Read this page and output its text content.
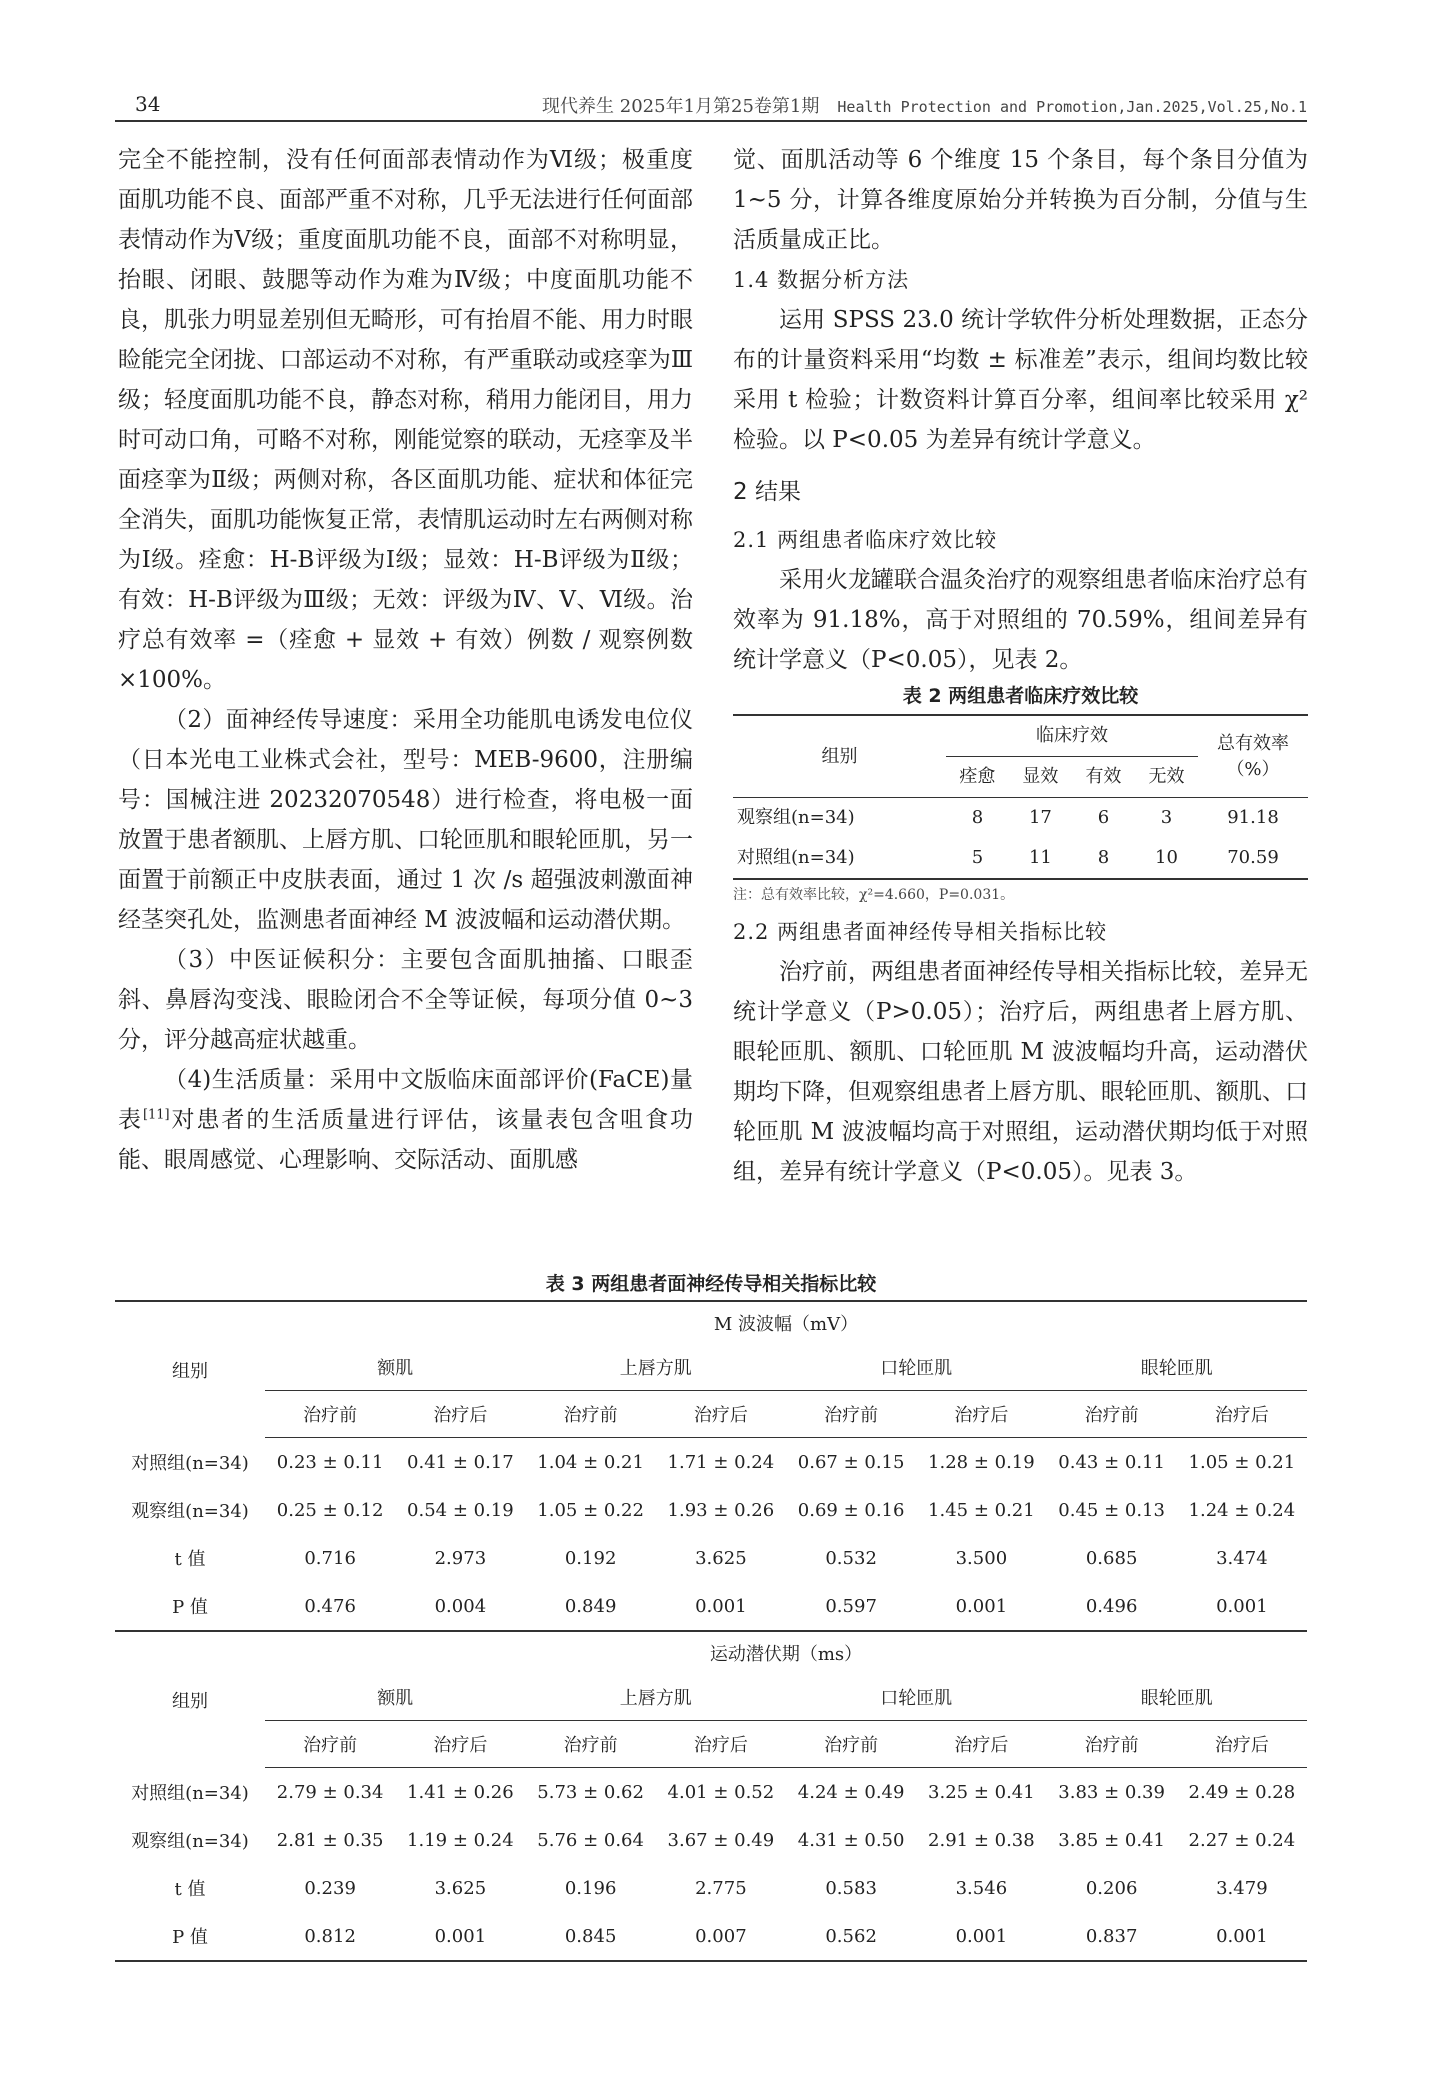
34	现代养生 2025年1月第25卷第1期 Health Protection and Promotion,Jan.2025,Vol.25,No.1

完全不能控制，没有任何面部表情动作为Ⅵ级；极重度面肌功能不良、面部严重不对称，几乎无法进行任何面部表情动作为Ⅴ级；重度面肌功能不良，面部不对称明显，抬眼、闭眼、鼓腮等动作为难为Ⅳ级；中度面肌功能不良，肌张力明显差别但无畸形，可有抬眉不能、用力时眼睑能完全闭拢、口部运动不对称，有严重联动或痉挛为Ⅲ级；轻度面肌功能不良，静态对称，稍用力能闭目，用力时可动口角，可略不对称，刚能觉察的联动，无痉挛及半面痉挛为Ⅱ级；两侧对称，各区面肌功能、症状和体征完全消失，面肌功能恢复正常，表情肌运动时左右两侧对称为Ⅰ级。痊愈：H-B评级为Ⅰ级；显效：H-B评级为Ⅱ级；有效：H-B评级为Ⅲ级；无效：评级为Ⅳ、Ⅴ、Ⅵ级。治疗总有效率 =（痊愈 + 显效 + 有效）例数 / 观察例数 ×100%。

（2）面神经传导速度：采用全功能肌电诱发电位仪（日本光电工业株式会社，型号：MEB-9600，注册编号：国械注进 20232070548）进行检查，将电极一面放置于患者额肌、上唇方肌、口轮匝肌和眼轮匝肌，另一面置于前额正中皮肤表面，通过 1 次 /s 超强波刺激面神经茎突孔处，监测患者面神经 M 波波幅和运动潜伏期。

（3）中医证候积分：主要包含面肌抽搐、口眼歪斜、鼻唇沟变浅、眼睑闭合不全等证候，每项分值 0~3 分，评分越高症状越重。

（4)生活质量：采用中文版临床面部评价(FaCE)量表[11]对患者的生活质量进行评估，该量表包含咀食功能、眼周感觉、心理影响、交际活动、面肌感

觉、面肌活动等 6 个维度 15 个条目，每个条目分值为 1~5 分，计算各维度原始分并转换为百分制，分值与生活质量成正比。

1.4 数据分析方法

运用 SPSS 23.0 统计学软件分析处理数据，正态分布的计量资料采用“均数 ± 标准差”表示，组间均数比较采用 t 检验；计数资料计算百分率，组间率比较采用 χ² 检验。以 P<0.05 为差异有统计学意义。

2 结果
2.1 两组患者临床疗效比较

采用火龙罐联合温灸治疗的观察组患者临床治疗总有效率为 91.18%，高于对照组的 70.59%，组间差异有统计学意义（P<0.05），见表 2。

表 2 两组患者临床疗效比较
组别	临床疗效				总有效率（%）
	痊愈	显效	有效	无效	
观察组(n=34)	8	17	6	3	91.18
对照组(n=34)	5	11	8	10	70.59
注：总有效率比较，χ²=4.660，P=0.031。
2.2 两组患者面神经传导相关指标比较

治疗前，两组患者面神经传导相关指标比较，差异无统计学意义（P>0.05）；治疗后，两组患者上唇方肌、眼轮匝肌、额肌、口轮匝肌 M 波波幅均升高，运动潜伏期均下降，但观察组患者上唇方肌、眼轮匝肌、额肌、口轮匝肌 M 波波幅均高于对照组，运动潜伏期均低于对照组，差异有统计学意义（P<0.05）。见表 3。

表 3 两组患者面神经传导相关指标比较
组别	M 波波幅（mV）							
	额肌		上唇方肌		口轮匝肌		眼轮匝肌	
	治疗前	治疗后	治疗前	治疗后	治疗前	治疗后	治疗前	治疗后
对照组(n=34)	0.23 ± 0.11	0.41 ± 0.17	1.04 ± 0.21	1.71 ± 0.24	0.67 ± 0.15	1.28 ± 0.19	0.43 ± 0.11	1.05 ± 0.21
观察组(n=34)	0.25 ± 0.12	0.54 ± 0.19	1.05 ± 0.22	1.93 ± 0.26	0.69 ± 0.16	1.45 ± 0.21	0.45 ± 0.13	1.24 ± 0.24
t 值	0.716	2.973	0.192	3.625	0.532	3.500	0.685	3.474
P 值	0.476	0.004	0.849	0.001	0.597	0.001	0.496	0.001
组别	运动潜伏期（ms）							
	额肌		上唇方肌		口轮匝肌		眼轮匝肌	
	治疗前	治疗后	治疗前	治疗后	治疗前	治疗后	治疗前	治疗后
对照组(n=34)	2.79 ± 0.34	1.41 ± 0.26	5.73 ± 0.62	4.01 ± 0.52	4.24 ± 0.49	3.25 ± 0.41	3.83 ± 0.39	2.49 ± 0.28
观察组(n=34)	2.81 ± 0.35	1.19 ± 0.24	5.76 ± 0.64	3.67 ± 0.49	4.31 ± 0.50	2.91 ± 0.38	3.85 ± 0.41	2.27 ± 0.24
t 值	0.239	3.625	0.196	2.775	0.583	3.546	0.206	3.479
P 值	0.812	0.001	0.845	0.007	0.562	0.001	0.837	0.001
